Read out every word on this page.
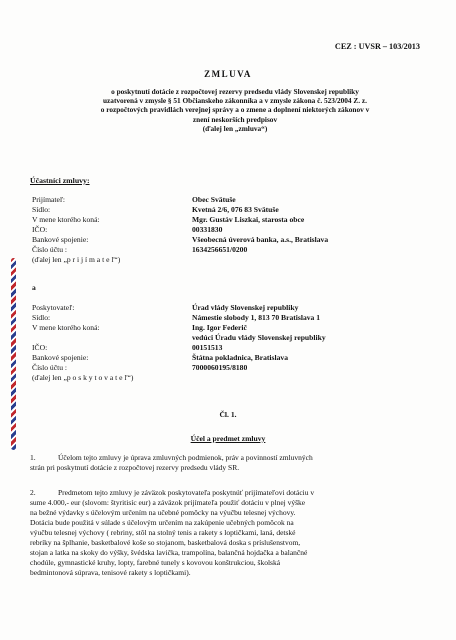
CEZ : UVSR – 103/2013
ZMLUVA
o poskytnutí dotácie z rozpočtovej rezervy predsedu vlády Slovenskej republiky
uzatvorená v zmysle § 51 Občianskeho zákonníka a v zmysle zákona č. 523/2004 Z. z.
o rozpočtových pravidlách verejnej správy a o zmene a doplnení niektorých zákonov v
znení neskorších predpisov
(ďalej len „zmluva“)
Účastníci zmluvy:
Prijímateľ:	Obec Svätuše
Sídlo:	Kvetná 2/6, 076 83 Svätuše
V mene ktorého koná:	Mgr. Gustáv Liszkai, starosta obce
IČO:	00331830
Bankové spojenie:	Všeobecná úverová banka, a.s., Bratislava
Číslo účtu :	1634256651/0200
(ďalej len „p r i j í m a t e ľ“)
a
Poskytovateľ:	Úrad vlády Slovenskej republiky
Sídlo:	Námestie slobody 1, 813 70 Bratislava 1
V mene ktorého koná:	Ing. Igor Federič
vedúci Úradu vlády Slovenskej republiky
IČO:	00151513
Bankové spojenie:	Štátna pokladnica, Bratislava
Číslo účtu :	7000060195/8180
(ďalej len „p o s k y t o v a t e ľ“)
Čl. 1.
Účel a predmet zmluvy
1.	Účelom tejto zmluvy je úprava zmluvných podmienok, práv a povinností zmluvných
strán pri poskytnutí dotácie z rozpočtovej rezervy predsedu vlády SR.
2.	Predmetom tejto zmluvy je záväzok poskytovateľa poskytnúť prijímateľovi dotáciu v
sume 4.000,- eur (slovom: štyritisíc eur) a záväzok prijímateľa použiť dotáciu v plnej výške
na bežné výdavky s účelovým určením na učebné pomôcky na výučbu telesnej výchovy.
Dotácia bude použitá v súlade s účelovým určením na zakúpenie učebných pomôcok na
výučbu telesnej výchovy ( rebriny, stôl na stolný tenis a rakety s loptičkami, laná, detské
rebríky na šplhanie, basketbalové koše so stojanom, basketbalová doska s príslušenstvom,
stojan a latka na skoky do výšky, švédska lavička, trampolína, balančná hojdačka a balančné
chodúle, gymnastické kruhy, lopty, farebné tunely s kovovou konštrukciou, školská
bedmintonová súprava, tenisové rakety s loptičkami).
